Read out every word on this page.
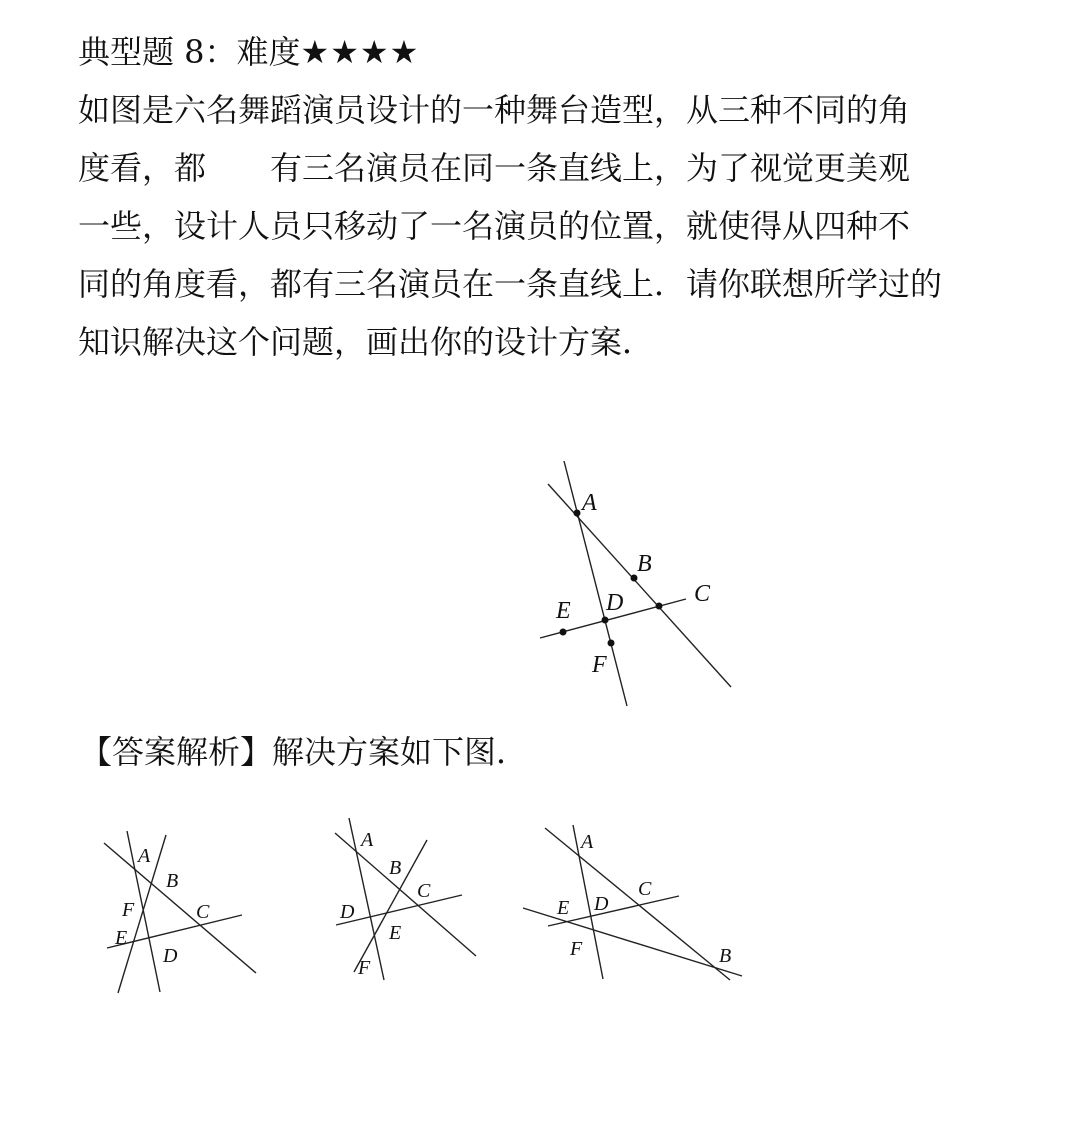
典型题 8：难度★★★★
如图是六名舞蹈演员设计的一种舞台造型，从三种不同的角
度看，都　　有三名演员在同一条直线上，为了视觉更美观
一些，设计人员只移动了一名演员的位置，就使得从四种不
同的角度看，都有三名演员在一条直线上．请你联想所学过的
知识解决这个问题，画出你的设计方案．
A
B
C
D
E
F
【答案解析】解决方案如下图．
A
B
C
D
E
F
A
B
C
D
E
F
A
C
E D
F	B
